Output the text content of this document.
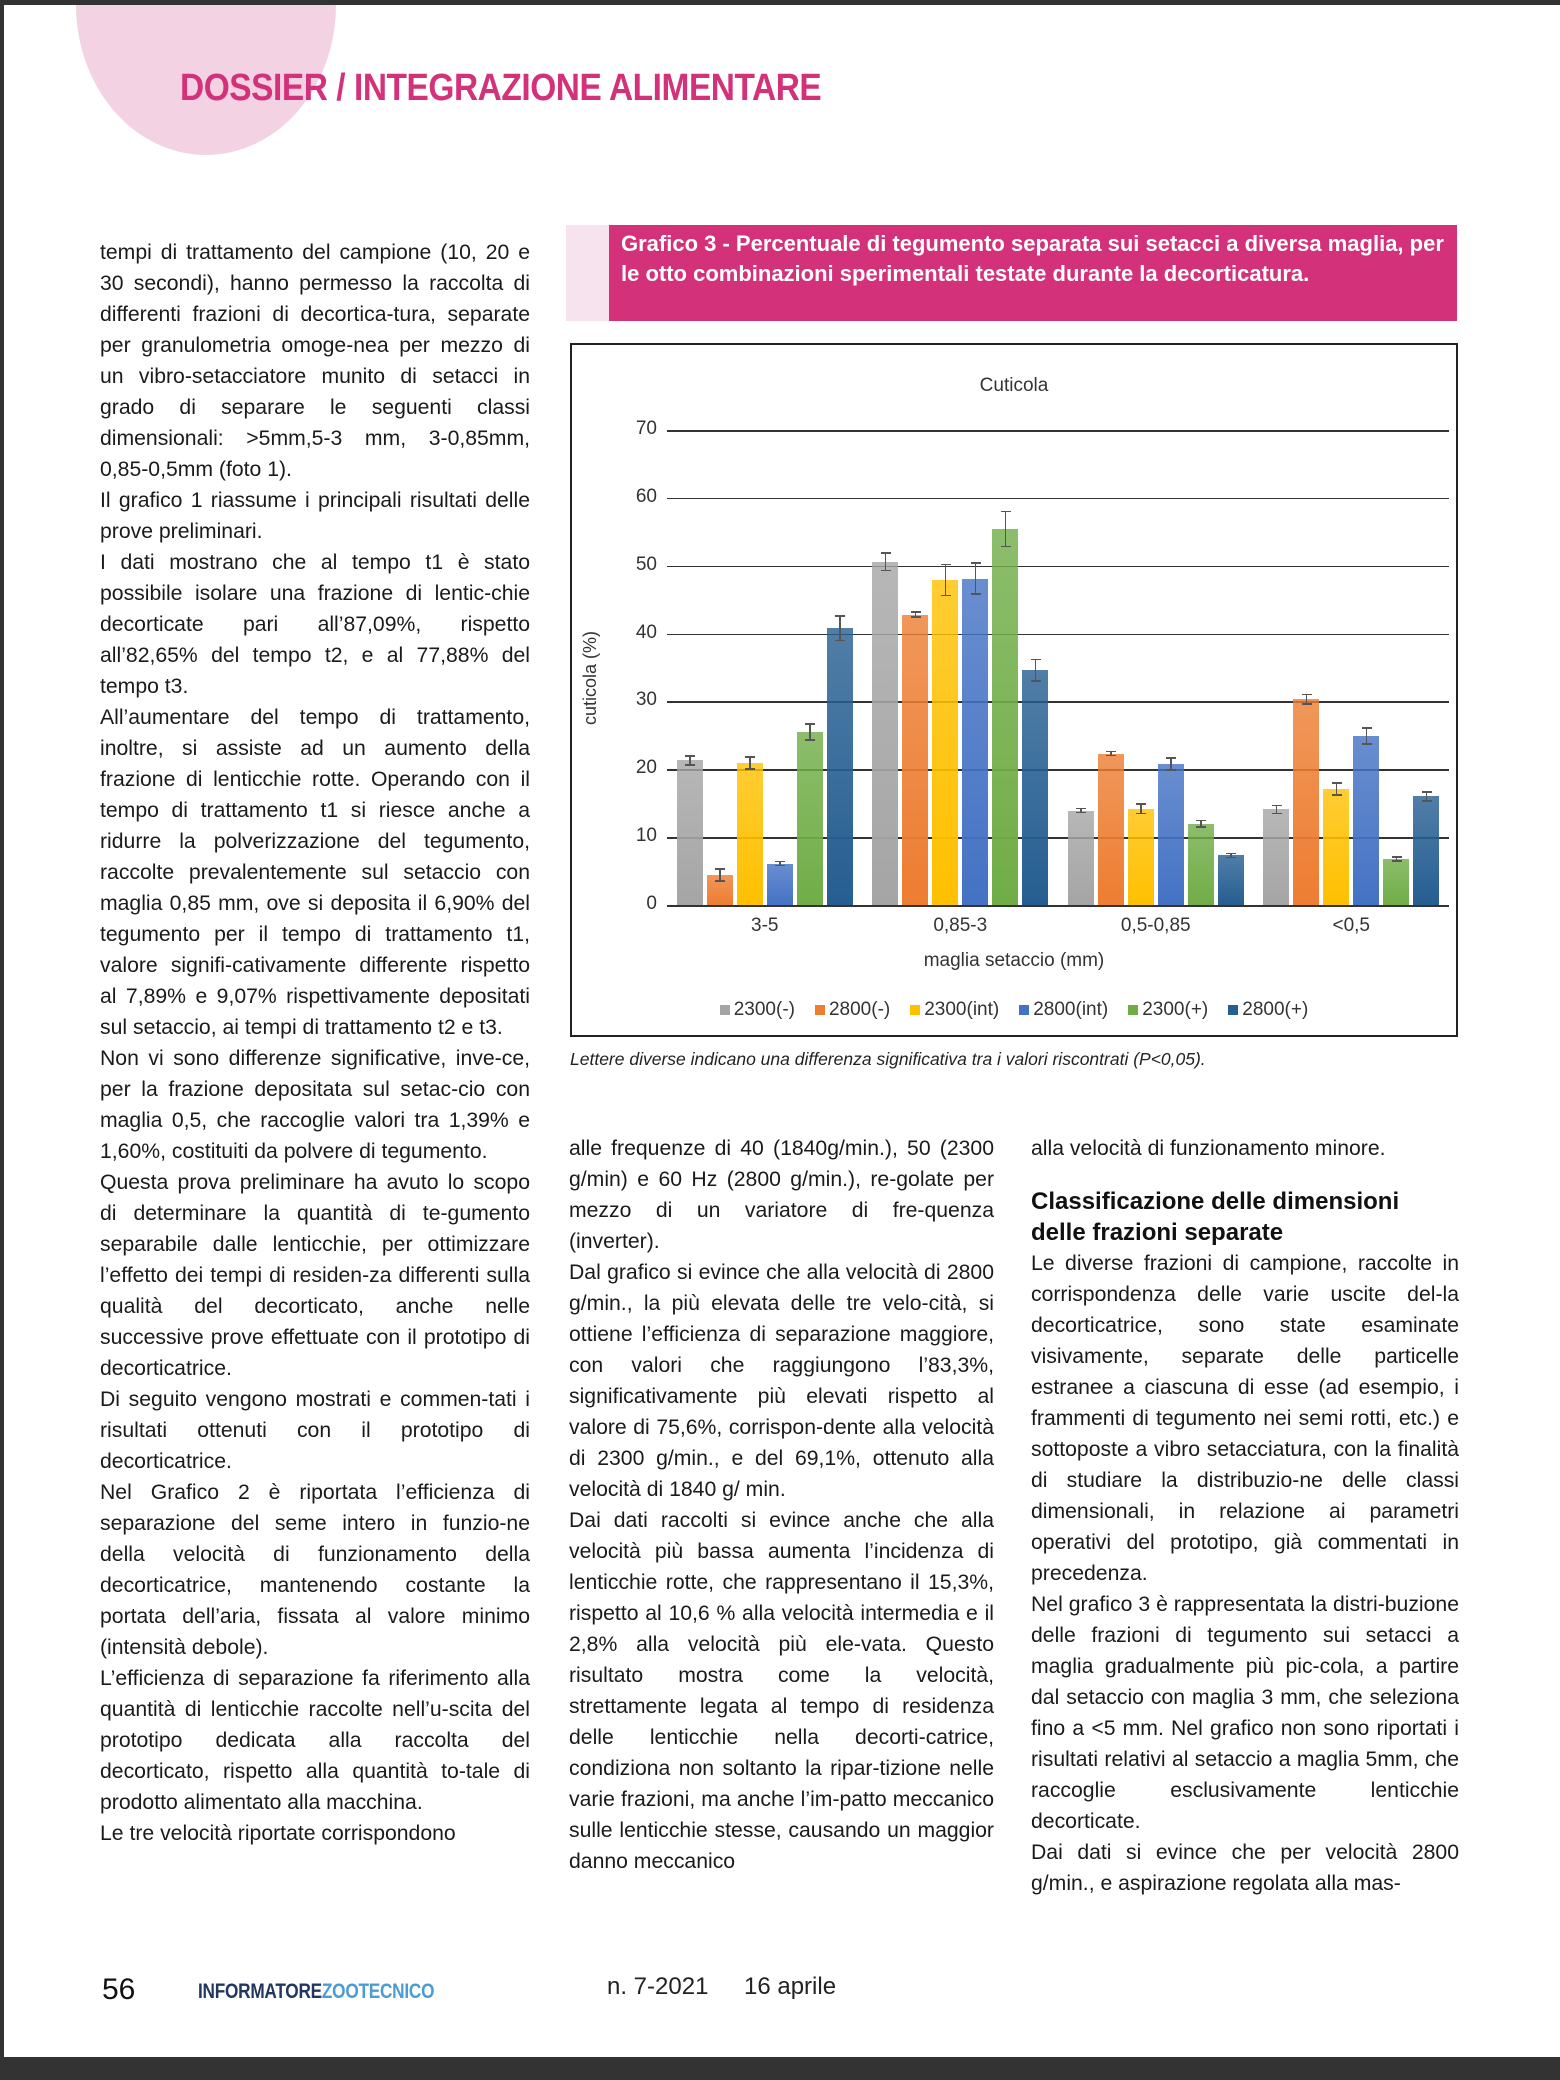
DOSSIER / INTEGRAZIONE ALIMENTARE

tempi di trattamento del campione (10, 20 e 30 secondi), hanno permesso la raccolta di differenti frazioni di decortica-tura, separate per granulometria omoge-nea per mezzo di un vibro-setacciatore munito di setacci in grado di separare le seguenti classi dimensionali: >5mm,5-3 mm, 3-0,85mm, 0,85-0,5mm (foto 1).

Il grafico 1 riassume i principali risultati delle prove preliminari.

I dati mostrano che al tempo t1 è stato possibile isolare una frazione di lentic-chie decorticate pari all’87,09%, rispetto all’82,65% del tempo t2, e al 77,88% del tempo t3.

All’aumentare del tempo di trattamento, inoltre, si assiste ad un aumento della frazione di lenticchie rotte. Operando con il tempo di trattamento t1 si riesce anche a ridurre la polverizzazione del tegumento, raccolte prevalentemente sul setaccio con maglia 0,85 mm, ove si deposita il 6,90% del tegumento per il tempo di trattamento t1, valore signifi-cativamente differente rispetto al 7,89% e 9,07% rispettivamente depositati sul setaccio, ai tempi di trattamento t2 e t3.

Non vi sono differenze significative, inve-ce, per la frazione depositata sul setac-cio con maglia 0,5, che raccoglie valori tra 1,39% e 1,60%, costituiti da polvere di tegumento.

Questa prova preliminare ha avuto lo scopo di determinare la quantità di te-gumento separabile dalle lenticchie, per ottimizzare l’effetto dei tempi di residen-za differenti sulla qualità del decorticato, anche nelle successive prove effettuate con il prototipo di decorticatrice.

Di seguito vengono mostrati e commen-tati i risultati ottenuti con il prototipo di decorticatrice.

Nel Grafico 2 è riportata l’efficienza di separazione del seme intero in funzio-ne della velocità di funzionamento della decorticatrice, mantenendo costante la portata dell’aria, fissata al valore minimo (intensità debole).

L’efficienza di separazione fa riferimento alla quantità di lenticchie raccolte nell’u-scita del prototipo dedicata alla raccolta del decorticato, rispetto alla quantità to-tale di prodotto alimentato alla macchina.

Le tre velocità riportate corrispondono

Grafico 3 - Percentuale di tegumento separata sui setacci a diversa maglia, per le otto combinazioni sperimentali testate durante la decorticatura.
Cuticola
cuticola (%)
0
10
20
30
40
50
60
70
maglia setaccio (mm)
2300(-) 2800(-) 2300(int) 2800(int) 2300(+) 2800(+)
3-5	0,85-3	0,5-0,85	<0,5
Lettere diverse indicano una differenza significativa tra i valori riscontrati (P<0,05).

alle frequenze di 40 (1840g/min.), 50 (2300 g/min) e 60 Hz (2800 g/min.), re-golate per mezzo di un variatore di fre-quenza (inverter).

Dal grafico si evince che alla velocità di 2800 g/min., la più elevata delle tre velo-cità, si ottiene l’efficienza di separazione maggiore, con valori che raggiungono l’83,3%, significativamente più elevati rispetto al valore di 75,6%, corrispon-dente alla velocità di 2300 g/min., e del 69,1%, ottenuto alla velocità di 1840 g/ min.

Dai dati raccolti si evince anche che alla velocità più bassa aumenta l’incidenza di lenticchie rotte, che rappresentano il 15,3%, rispetto al 10,6 % alla velocità intermedia e il 2,8% alla velocità più ele-vata. Questo risultato mostra come la velocità, strettamente legata al tempo di residenza delle lenticchie nella decorti-catrice, condiziona non soltanto la ripar-tizione nelle varie frazioni, ma anche l’im-patto meccanico sulle lenticchie stesse, causando un maggior danno meccanico

alla velocità di funzionamento minore.

Classificazione delle dimensioni delle frazioni separate

Le diverse frazioni di campione, raccolte in corrispondenza delle varie uscite del-la decorticatrice, sono state esaminate visivamente, separate delle particelle estranee a ciascuna di esse (ad esempio, i frammenti di tegumento nei semi rotti, etc.) e sottoposte a vibro setacciatura, con la finalità di studiare la distribuzio-ne delle classi dimensionali, in relazione ai parametri operativi del prototipo, già commentati in precedenza.

Nel grafico 3 è rappresentata la distri-buzione delle frazioni di tegumento sui setacci a maglia gradualmente più pic-cola, a partire dal setaccio con maglia 3 mm, che seleziona fino a <5 mm. Nel grafico non sono riportati i risultati relativi al setaccio a maglia 5mm, che raccoglie esclusivamente lenticchie decorticate.

Dai dati si evince che per velocità 2800 g/min., e aspirazione regolata alla mas-

56	INFORMATOREZOOTECNICO	n. 7-2021 16 aprile
